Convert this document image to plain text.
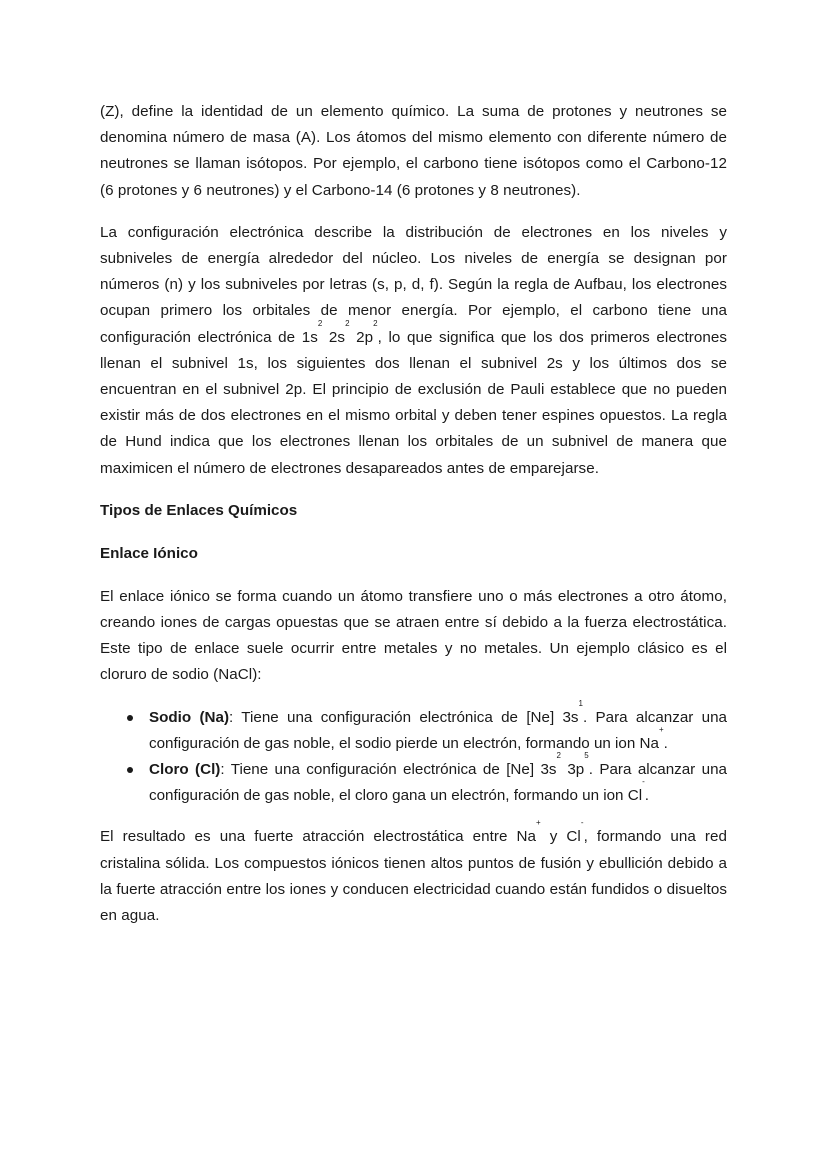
(Z), define la identidad de un elemento químico. La suma de protones y neutrones se denomina número de masa (A). Los átomos del mismo elemento con diferente número de neutrones se llaman isótopos. Por ejemplo, el carbono tiene isótopos como el Carbono-12 (6 protones y 6 neutrones) y el Carbono-14 (6 protones y 8 neutrones).

La configuración electrónica describe la distribución de electrones en los niveles y subniveles de energía alrededor del núcleo. Los niveles de energía se designan por números (n) y los subniveles por letras (s, p, d, f). Según la regla de Aufbau, los electrones ocupan primero los orbitales de menor energía. Por ejemplo, el carbono tiene una configuración electrónica de $1s^2$ $2s^2$ $2p^2$, lo que significa que los dos primeros electrones llenan el subnivel 1s, los siguientes dos llenan el subnivel 2s y los últimos dos se encuentran en el subnivel 2p. El principio de exclusión de Pauli establece que no pueden existir más de dos electrones en el mismo orbital y deben tener espines opuestos. La regla de Hund indica que los electrones llenan los orbitales de un subnivel de manera que maximicen el número de electrones desapareados antes de emparejarse.

Tipos de Enlaces Químicos
Enlace Iónico

El enlace iónico se forma cuando un átomo transfiere uno o más electrones a otro átomo, creando iones de cargas opuestas que se atraen entre sí debido a la fuerza electrostática. Este tipo de enlace suele ocurrir entre metales y no metales. Un ejemplo clásico es el cloruro de sodio (NaCl):

Sodio (Na): Tiene una configuración electrónica de [Ne] $3s^1$. Para alcanzar una configuración de gas noble, el sodio pierde un electrón, formando un ion Na+.
Cloro (Cl): Tiene una configuración electrónica de [Ne] $3s^2$ $3p^5$. Para alcanzar una configuración de gas noble, el cloro gana un electrón, formando un ion Cl-.

El resultado es una fuerte atracción electrostática entre Na+ y Cl-, formando una red cristalina sólida. Los compuestos iónicos tienen altos puntos de fusión y ebullición debido a la fuerte atracción entre los iones y conducen electricidad cuando están fundidos o disueltos en agua.
